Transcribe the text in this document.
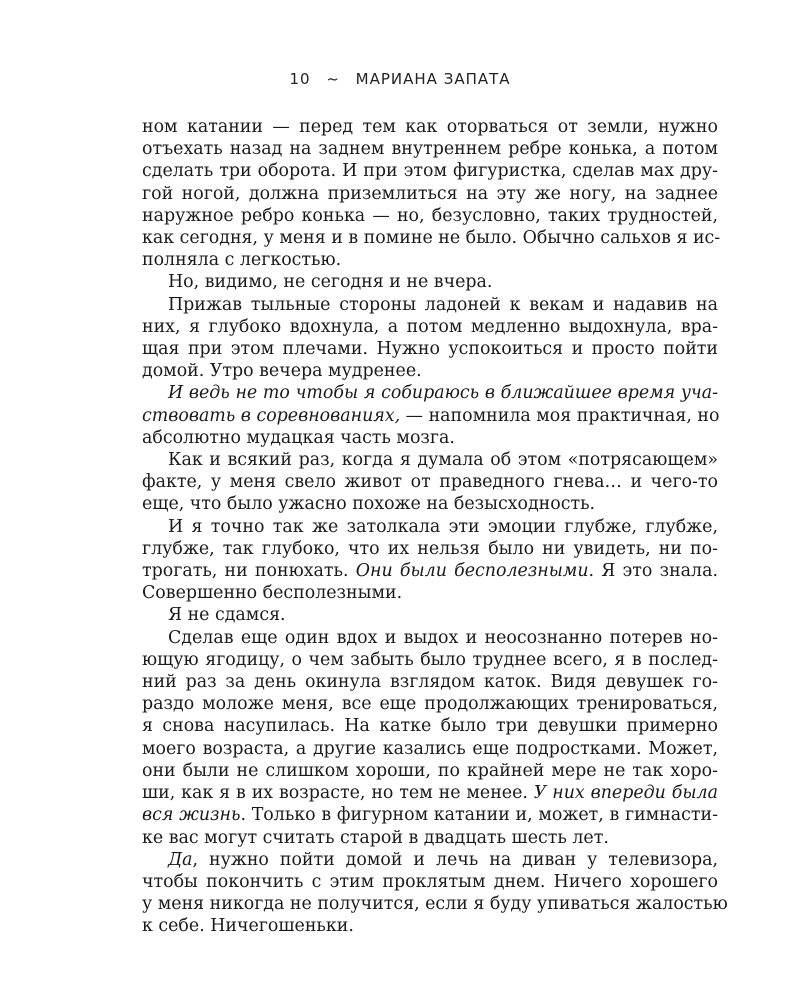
10 ~ МАРИАНА ЗАПАТА
ном катании — перед тем как оторваться от земли, нужно
отъехать назад на заднем внутреннем ребре конька, а потом
сделать три оборота. И при этом фигуристка, сделав мах дру-
гой ногой, должна приземлиться на эту же ногу, на заднее
наружное ребро конька — но, безусловно, таких трудностей,
как сегодня, у меня и в помине не было. Обычно сальхов я ис-
полняла с легкостью.
Но, видимо, не сегодня и не вчера.
Прижав тыльные стороны ладоней к векам и надавив на
них, я глубоко вдохнула, а потом медленно выдохнула, вра-
щая при этом плечами. Нужно успокоиться и просто пойти
домой. Утро вечера мудренее.
И ведь не то чтобы я собираюсь в ближайшее время уча-
ствовать в соревнованиях, — напомнила моя практичная, но
абсолютно мудацкая часть мозга.
Как и всякий раз, когда я думала об этом «потрясающем»
факте, у меня свело живот от праведного гнева… и чего-то
еще, что было ужасно похоже на безысходность.
И я точно так же затолкала эти эмоции глубже, глубже,
глубже, так глубоко, что их нельзя было ни увидеть, ни по-
трогать, ни понюхать. Они были бесполезными. Я это знала.
Совершенно бесполезными.
Я не сдамся.
Сделав еще один вдох и выдох и неосознанно потерев но-
ющую ягодицу, о чем забыть было труднее всего, я в послед-
ний раз за день окинула взглядом каток. Видя девушек го-
раздо моложе меня, все еще продолжающих тренироваться,
я снова насупилась. На катке было три девушки примерно
моего возраста, а другие казались еще подростками. Может,
они были не слишком хороши, по крайней мере не так хоро-
ши, как я в их возрасте, но тем не менее. У них впереди была
вся жизнь. Только в фигурном катании и, может, в гимнасти-
ке вас могут считать старой в двадцать шесть лет.
Да, нужно пойти домой и лечь на диван у телевизора,
чтобы покончить с этим проклятым днем. Ничего хорошего
у меня никогда не получится, если я буду упиваться жалостью
к себе. Ничегошеньки.
